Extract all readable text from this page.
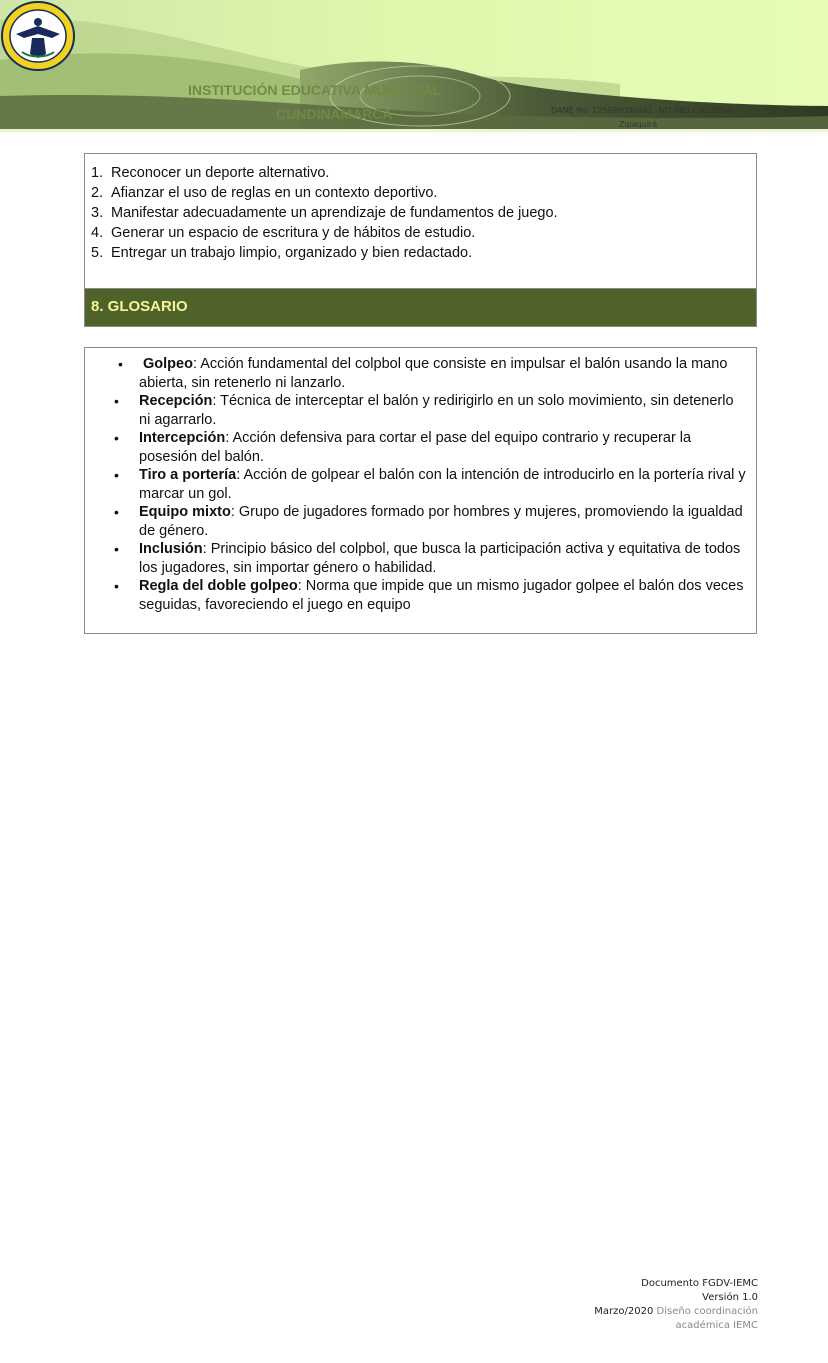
INSTITUCIÓN EDUCATIVA MUNICIPAL
CUNDINAMARCA	DANE No. 125899000461 -NIT 860.030.389-8
Zipaquirá
1. Reconocer un deporte alternativo.
2. Afianzar el uso de reglas en un contexto deportivo.
3. Manifestar adecuadamente un aprendizaje de fundamentos de juego.
4. Generar un espacio de escritura y de hábitos de estudio.
5. Entregar un trabajo limpio, organizado y bien redactado.
8. GLOSARIO
• Golpeo: Acción fundamental del colpbol que consiste en impulsar el balón usando la mano abierta, sin retenerlo ni lanzarlo.
• Recepción: Técnica de interceptar el balón y redirigirlo en un solo movimiento, sin detenerlo ni agarrarlo.
• Intercepción: Acción defensiva para cortar el pase del equipo contrario y recuperar la posesión del balón.
• Tiro a portería: Acción de golpear el balón con la intención de introducirlo en la portería rival y marcar un gol.
• Equipo mixto: Grupo de jugadores formado por hombres y mujeres, promoviendo la igualdad de género.
• Inclusión: Principio básico del colpbol, que busca la participación activa y equitativa de todos los jugadores, sin importar género o habilidad.
• Regla del doble golpeo: Norma que impide que un mismo jugador golpee el balón dos veces seguidas, favoreciendo el juego en equipo
Documento FGDV-IEMC
Versión 1.0
Marzo/2020 Diseño coordinación
académica IEMC
